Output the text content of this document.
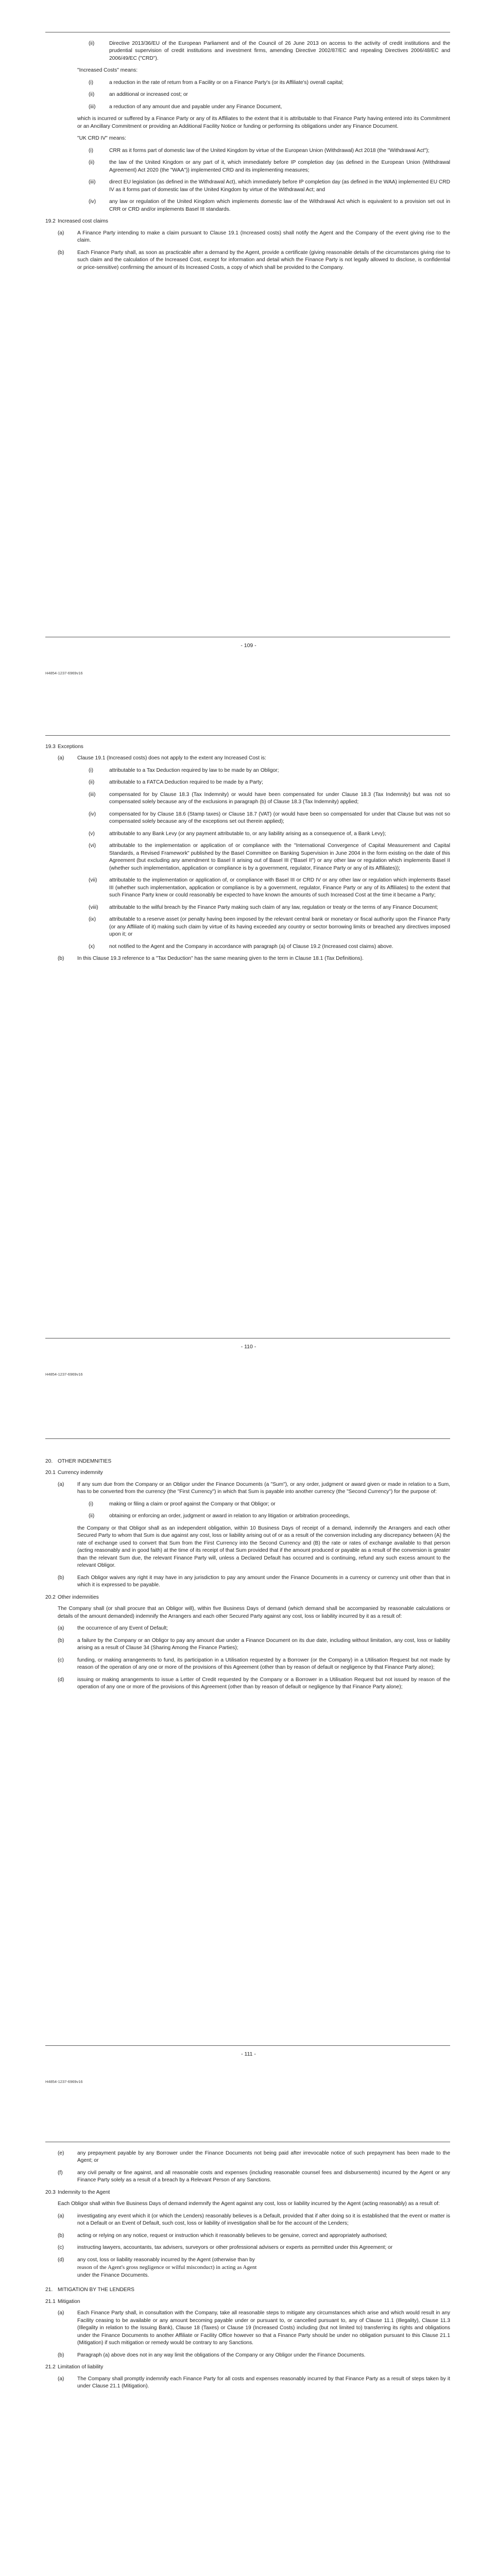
(ii)	Directive 2013/36/EU of the European Parliament and of the Council of 26 June 2013 on access to the activity of credit institutions and the prudential supervision of credit institutions and investment firms, amending Directive 2002/87/EC and repealing Directives 2006/48/EC and 2006/49/EC ("CRD").

"Increased Costs" means:

(i)	a reduction in the rate of return from a Facility or on a Finance Party's (or its Affiliate's) overall capital;

(ii)	an additional or increased cost; or

(iii)	a reduction of any amount due and payable under any Finance Document,

which is incurred or suffered by a Finance Party or any of its Affiliates to the extent that it is attributable to that Finance Party having entered into its Commitment or an Ancillary Commitment or providing an Additional Facility Notice or funding or performing its obligations under any Finance Document.

"UK CRD IV" means:

(i)	CRR as it forms part of domestic law of the United Kingdom by virtue of the European Union (Withdrawal) Act 2018 (the "Withdrawal Act");

(ii)	the law of the United Kingdom or any part of it, which immediately before IP completion day (as defined in the European Union (Withdrawal Agreement) Act 2020 (the "WAA")) implemented CRD and its implementing measures;

(iii)	direct EU legislation (as defined in the Withdrawal Act), which immediately before IP completion day (as defined in the WAA) implemented EU CRD IV as it forms part of domestic law of the United Kingdom by virtue of the Withdrawal Act; and

(iv)	any law or regulation of the United Kingdom which implements domestic law of the Withdrawal Act which is equivalent to a provision set out in CRR or CRD and/or implements Basel III standards.

19.2 Increased cost claims
(a)	A Finance Party intending to make a claim pursuant to Clause 19.1 (Increased costs) shall notify the Agent and the Company of the event giving rise to the claim.

(b)	Each Finance Party shall, as soon as practicable after a demand by the Agent, provide a certificate (giving reasonable details of the circumstances giving rise to such claim and the calculation of the Increased Cost, except for information and detail which the Finance Party is not legally allowed to disclose, is confidential or price-sensitive) confirming the amount of its Increased Costs, a copy of which shall be provided to the Company.

- 109 -
H4854-1237-6969v16
19.3 Exceptions
(a)	Clause 19.1 (Increased costs) does not apply to the extent any Increased Cost is:

(i)	attributable to a Tax Deduction required by law to be made by an Obligor;

(ii)	attributable to a FATCA Deduction required to be made by a Party;

(iii)	compensated for by Clause 18.3 (Tax Indemnity) or would have been compensated for under Clause 18.3 (Tax Indemnity) but was not so compensated solely because any of the exclusions in paragraph (b) of Clause 18.3 (Tax Indemnity) applied;

(iv)	compensated for by Clause 18.6 (Stamp taxes) or Clause 18.7 (VAT) (or would have been so compensated for under that Clause but was not so compensated solely because any of the exceptions set out therein applied);

(v)	attributable to any Bank Levy (or any payment attributable to, or any liability arising as a consequence of, a Bank Levy);

(vi)	attributable to the implementation or application of or compliance with the "International Convergence of Capital Measurement and Capital Standards, a Revised Framework" published by the Basel Committee on Banking Supervision in June 2004 in the form existing on the date of this Agreement (but excluding any amendment to Basel II arising out of Basel III ("Basel II") or any other law or regulation which implements Basel II (whether such implementation, application or compliance is by a government, regulator, Finance Party or any of its Affiliates));

(vii) attributable to the implementation or application of, or compliance with Basel III or CRD IV or any other law or regulation which implements Basel III (whether such implementation, application or compliance is by a government, regulator, Finance Party or any of its Affiliates) to the extent that such Finance Party knew or could reasonably be expected to have known the amounts of such Increased Cost at the time it became a Party;

(viii) attributable to the wilful breach by the Finance Party making such claim of any law, regulation or treaty or the terms of any Finance Document;

(ix)	attributable to a reserve asset (or penalty having been imposed by the relevant central bank or monetary or fiscal authority upon the Finance Party (or any Affiliate of it) making such claim by virtue of its having exceeded any country or sector borrowing limits or breached any directives imposed upon it; or

(x)	not notified to the Agent and the Company in accordance with paragraph (a) of Clause 19.2 (Increased cost claims) above.

(b)	In this Clause 19.3 reference to a "Tax Deduction" has the same meaning given to the term in Clause 18.1 (Tax Definitions).

- 110 -
H4854-1237-6969v16
20. OTHER INDEMNITIES
20.1 Currency indemnity
(a)	If any sum due from the Company or an Obligor under the Finance Documents (a "Sum"), or any order, judgment or award given or made in relation to a Sum, has to be converted from the currency (the "First Currency") in which that Sum is payable into another currency (the "Second Currency") for the purpose of:

(i)	making or filing a claim or proof against the Company or that Obligor; or

(ii)	obtaining or enforcing an order, judgment or award in relation to any litigation or arbitration proceedings,

the Company or that Obligor shall as an independent obligation, within 10 Business Days of receipt of a demand, indemnify the Arrangers and each other Secured Party to whom that Sum is due against any cost, loss or liability arising out of or as a result of the conversion including any discrepancy between (A) the rate of exchange used to convert that Sum from the First Currency into the Second Currency and (B) the rate or rates of exchange available to that person (acting reasonably and in good faith) at the time of its receipt of that Sum provided that if the amount produced or payable as a result of the conversion is greater than the relevant Sum due, the relevant Finance Party will, unless a Declared Default has occurred and is continuing, refund any such excess amount to the relevant Obligor.

(b)	Each Obligor waives any right it may have in any jurisdiction to pay any amount under the Finance Documents in a currency or currency unit other than that in which it is expressed to be payable.

20.2 Other indemnities

The Company shall (or shall procure that an Obligor will), within five Business Days of demand (which demand shall be accompanied by reasonable calculations or details of the amount demanded) indemnify the Arrangers and each other Secured Party against any cost, loss or liability incurred by it as a result of:

(a)	the occurrence of any Event of Default;

(b)	a failure by the Company or an Obligor to pay any amount due under a Finance Document on its due date, including without limitation, any cost, loss or liability arising as a result of Clause 34 (Sharing Among the Finance Parties);

(c)	funding, or making arrangements to fund, its participation in a Utilisation requested by a Borrower (or the Company) in a Utilisation Request but not made by reason of the operation of any one or more of the provisions of this Agreement (other than by reason of default or negligence by that Finance Party alone);

(d)	issuing or making arrangements to issue a Letter of Credit requested by the Company or a Borrower in a Utilisation Request but not issued by reason of the operation of any one or more of the provisions of this Agreement (other than by reason of default or negligence by that Finance Party alone);

- 111 -
H4854-1237-6969v16
(e)	any prepayment payable by any Borrower under the Finance Documents not being paid after irrevocable notice of such prepayment has been made to the Agent; or

(f)	any civil penalty or fine against, and all reasonable costs and expenses (including reasonable counsel fees and disbursements) incurred by the Agent or any Finance Party solely as a result of a breach by a Relevant Person of any Sanctions.

20.3 Indemnity to the Agent

Each Obligor shall within five Business Days of demand indemnify the Agent against any cost, loss or liability incurred by the Agent (acting reasonably) as a result of:

(a)	investigating any event which it (or which the Lenders) reasonably believes is a Default, provided that if after doing so it is established that the event or matter is not a Default or an Event of Default, such cost, loss or liability of investigation shall be for the account of the Lenders;

(b)	acting or relying on any notice, request or instruction which it reasonably believes to be genuine, correct and appropriately authorised;

(c)	instructing lawyers, accountants, tax advisers, surveyors or other professional advisers or experts as permitted under this Agreement; or

(d)	any cost, loss or liability reasonably incurred by the Agent (otherwise than by

reason of the Agent's gross negligence or wilful misconduct) in acting as Agent

under the Finance Documents.

21. MITIGATION BY THE LENDERS
21.1 Mitigation
(a)	Each Finance Party shall, in consultation with the Company, take all reasonable steps to mitigate any circumstances which arise and which would result in any Facility ceasing to be available or any amount becoming payable under or pursuant to, or cancelled pursuant to, any of Clause 11.1 (Illegality), Clause 11.3 (Illegality in relation to the Issuing Bank), Clause 18 (Taxes) or Clause 19 (Increased Costs) including (but not limited to) transferring its rights and obligations under the Finance Documents to another Affiliate or Facility Office however so that a Finance Party should be under no obligation pursuant to this Clause 21.1 (Mitigation) if such mitigation or remedy would be contrary to any Sanctions.

(b)	Paragraph (a) above does not in any way limit the obligations of the Company or any Obligor under the Finance Documents.

21.2 Limitation of liability
(a)	The Company shall promptly indemnify each Finance Party for all costs and expenses reasonably incurred by that Finance Party as a result of steps taken by it under Clause 21.1 (Mitigation).
